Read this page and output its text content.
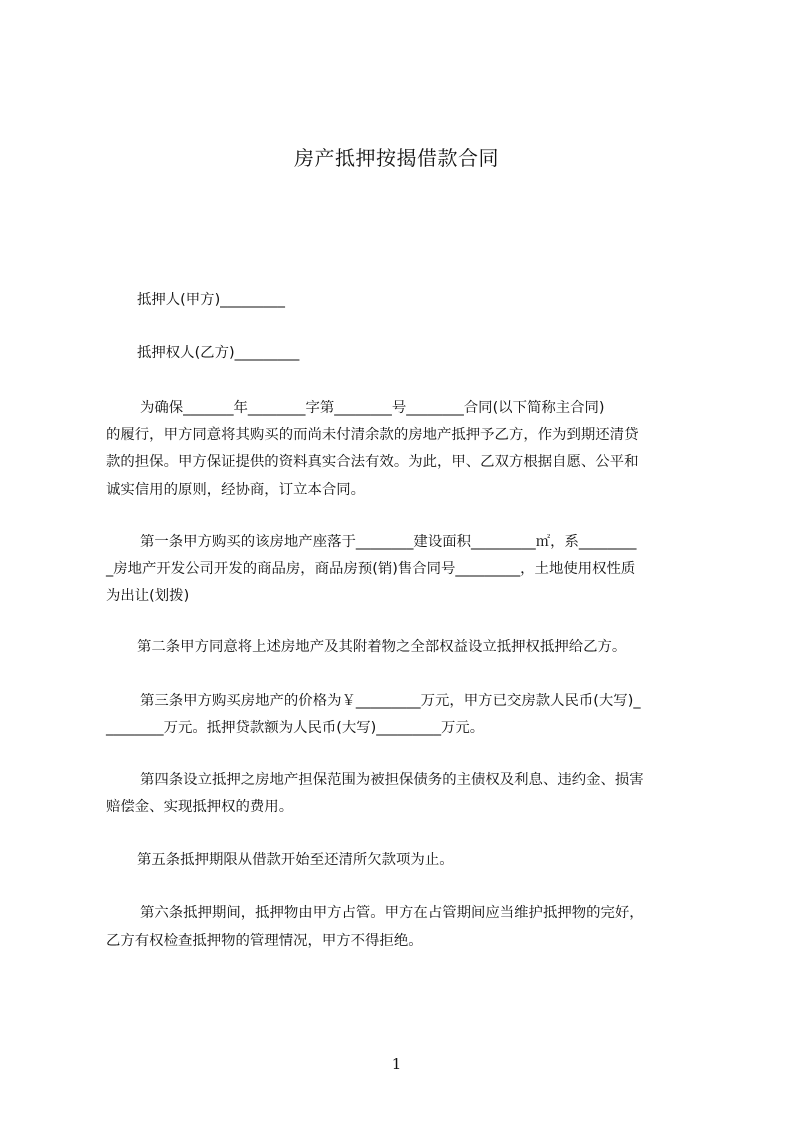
房产抵押按揭借款合同
抵押人(甲方)_________
抵押权人(乙方)_________
为确保_______年________字第________号________合同(以下简称主合同)
的履行，甲方同意将其购买的而尚未付清余款的房地产抵押予乙方，作为到期还清贷
款的担保。甲方保证提供的资料真实合法有效。为此，甲、乙双方根据自愿、公平和
诚实信用的原则，经协商，订立本合同。
第一条甲方购买的该房地产座落于________建设面积_________㎡，系________
_房地产开发公司开发的商品房，商品房预(销)售合同号_________，土地使用权性质
为出让(划拨)
第二条甲方同意将上述房地产及其附着物之全部权益设立抵押权抵押给乙方。
第三条甲方购买房地产的价格为￥_________万元，甲方已交房款人民币(大写)_
________万元。抵押贷款额为人民币(大写)_________万元。
第四条设立抵押之房地产担保范围为被担保债务的主债权及利息、违约金、损害
赔偿金、实现抵押权的费用。
第五条抵押期限从借款开始至还清所欠款项为止。
第六条抵押期间，抵押物由甲方占管。甲方在占管期间应当维护抵押物的完好，
乙方有权检查抵押物的管理情况，甲方不得拒绝。
1
